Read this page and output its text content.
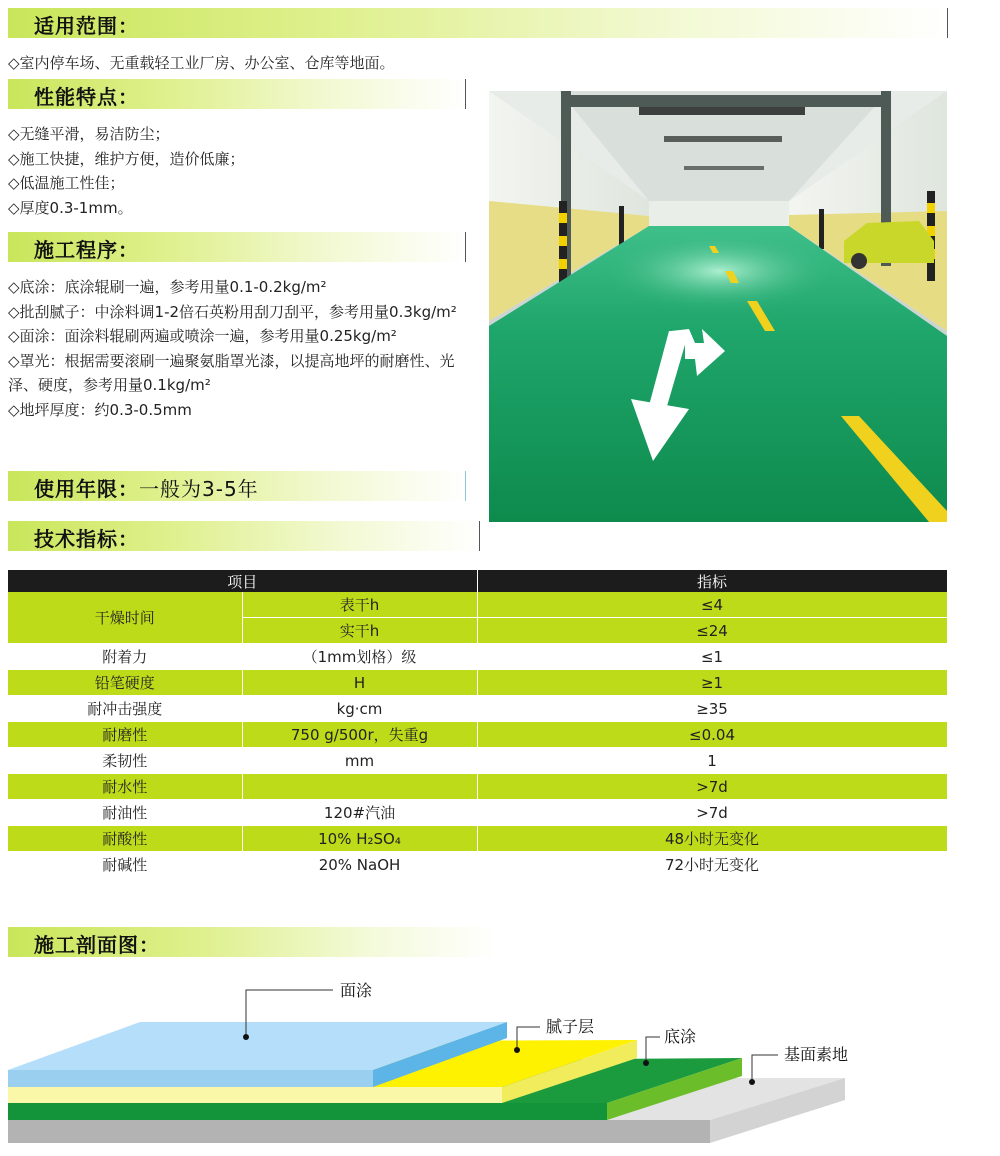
适用范围：
◇室内停车场、无重载轻工业厂房、办公室、仓库等地面。
性能特点：
◇无缝平滑，易洁防尘；
◇施工快捷，维护方便，造价低廉；
◇低温施工性佳；
◇厚度0.3-1mm。
施工程序：
◇底涂：底涂辊刷一遍，参考用量0.1-0.2kg/m²
◇批刮腻子：中涂料调1-2倍石英粉用刮刀刮平，参考用量0.3kg/m²
◇面涂：面涂料辊刷两遍或喷涂一遍，参考用量0.25kg/m²
◇罩光：根据需要滚刷一遍聚氨脂罩光漆，以提高地坪的耐磨性、光泽、硬度，参考用量0.1kg/m²
◇地坪厚度：约0.3-0.5mm
使用年限：一般为3-5年
技术指标：
项目		指标
干燥时间	表干h	≤4
	实干h	≤24
附着力	（1mm划格）级	≤1
铅笔硬度	H	≥1
耐冲击强度	kg·cm	≥35
耐磨性	750 g/500r，失重g	≤0.04
柔韧性	mm	1
耐水性		>7d
耐油性	120#汽油	>7d
耐酸性	10% H₂SO₄	48小时无变化
耐碱性	20% NaOH	72小时无变化
施工剖面图：
面涂
腻子层
底涂
基面素地
